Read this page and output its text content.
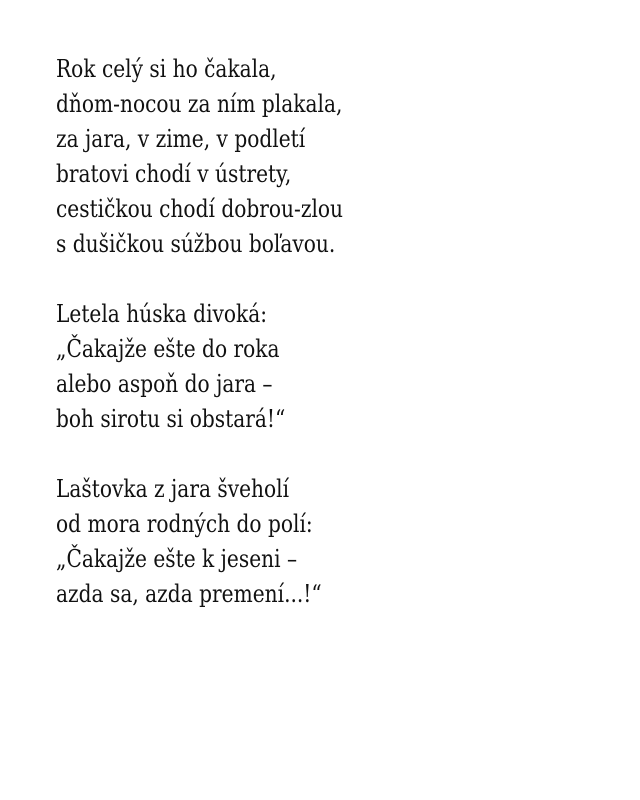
Rok celý si ho čakala,
dňom-nocou za ním plakala,
za jara, v zime, v podletí
bratovi chodí v ústrety,
cestičkou chodí dobrou-zlou
s dušičkou súžbou boľavou.
Letela húska divoká:
„Čakajže ešte do roka
alebo aspoň do jara –
boh sirotu si obstará!“
Laštovka z jara šveholí
od mora rodných do polí:
„Čakajže ešte k jeseni –
azda sa, azda premení...!“
